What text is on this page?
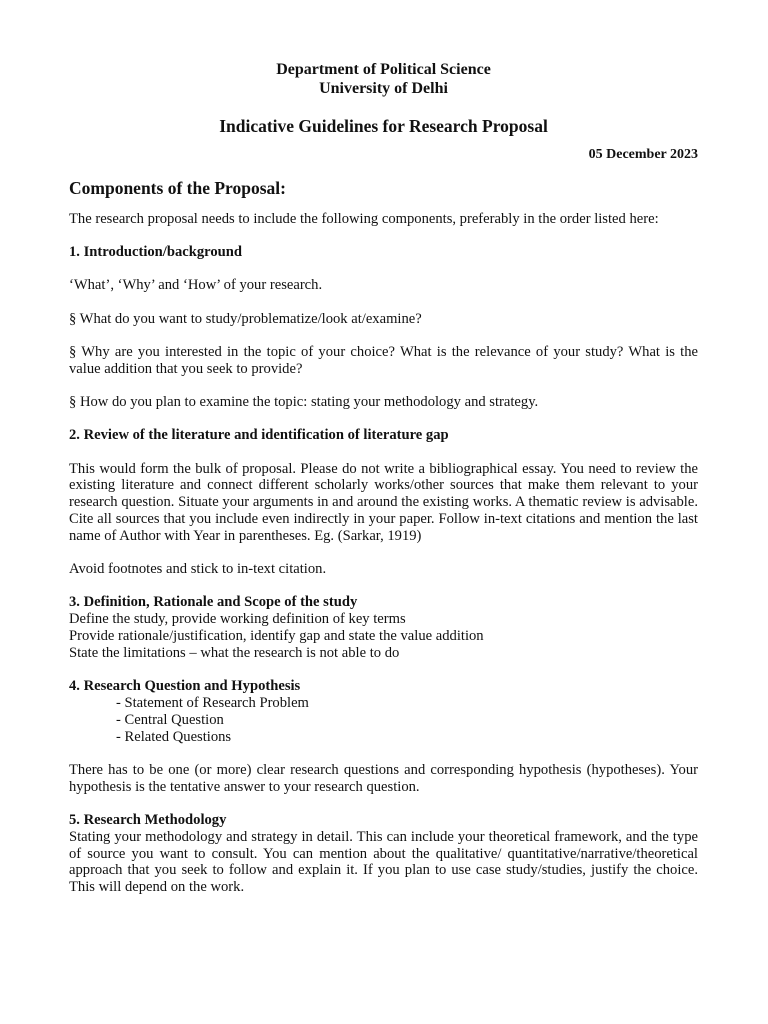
Department of Political Science

University of Delhi

Indicative Guidelines for Research Proposal

05 December 2023

Components of the Proposal:

The research proposal needs to include the following components, preferably in the order listed here:

1. Introduction/background

‘What’, ‘Why’ and ‘How’ of your research.

§ What do you want to study/problematize/look at/examine?

§ Why are you interested in the topic of your choice? What is the relevance of your study? What is the value addition that you seek to provide?

§ How do you plan to examine the topic: stating your methodology and strategy.

2. Review of the literature and identification of literature gap

This would form the bulk of proposal. Please do not write a bibliographical essay. You need to review the existing literature and connect different scholarly works/other sources that make them relevant to your research question. Situate your arguments in and around the existing works. A thematic review is advisable. Cite all sources that you include even indirectly in your paper. Follow in-text citations and mention the last name of Author with Year in parentheses. Eg. (Sarkar, 1919)

Avoid footnotes and stick to in-text citation.

3. Definition, Rationale and Scope of the study

Define the study, provide working definition of key terms

Provide rationale/justification, identify gap and state the value addition

State the limitations – what the research is not able to do

4. Research Question and Hypothesis

- Statement of Research Problem

- Central Question

- Related Questions

There has to be one (or more) clear research questions and corresponding hypothesis (hypotheses). Your hypothesis is the tentative answer to your research question.

5. Research Methodology

Stating your methodology and strategy in detail. This can include your theoretical framework, and the type of source you want to consult. You can mention about the qualitative/ quantitative/narrative/theoretical approach that you seek to follow and explain it. If you plan to use case study/studies, justify the choice. This will depend on the work.
